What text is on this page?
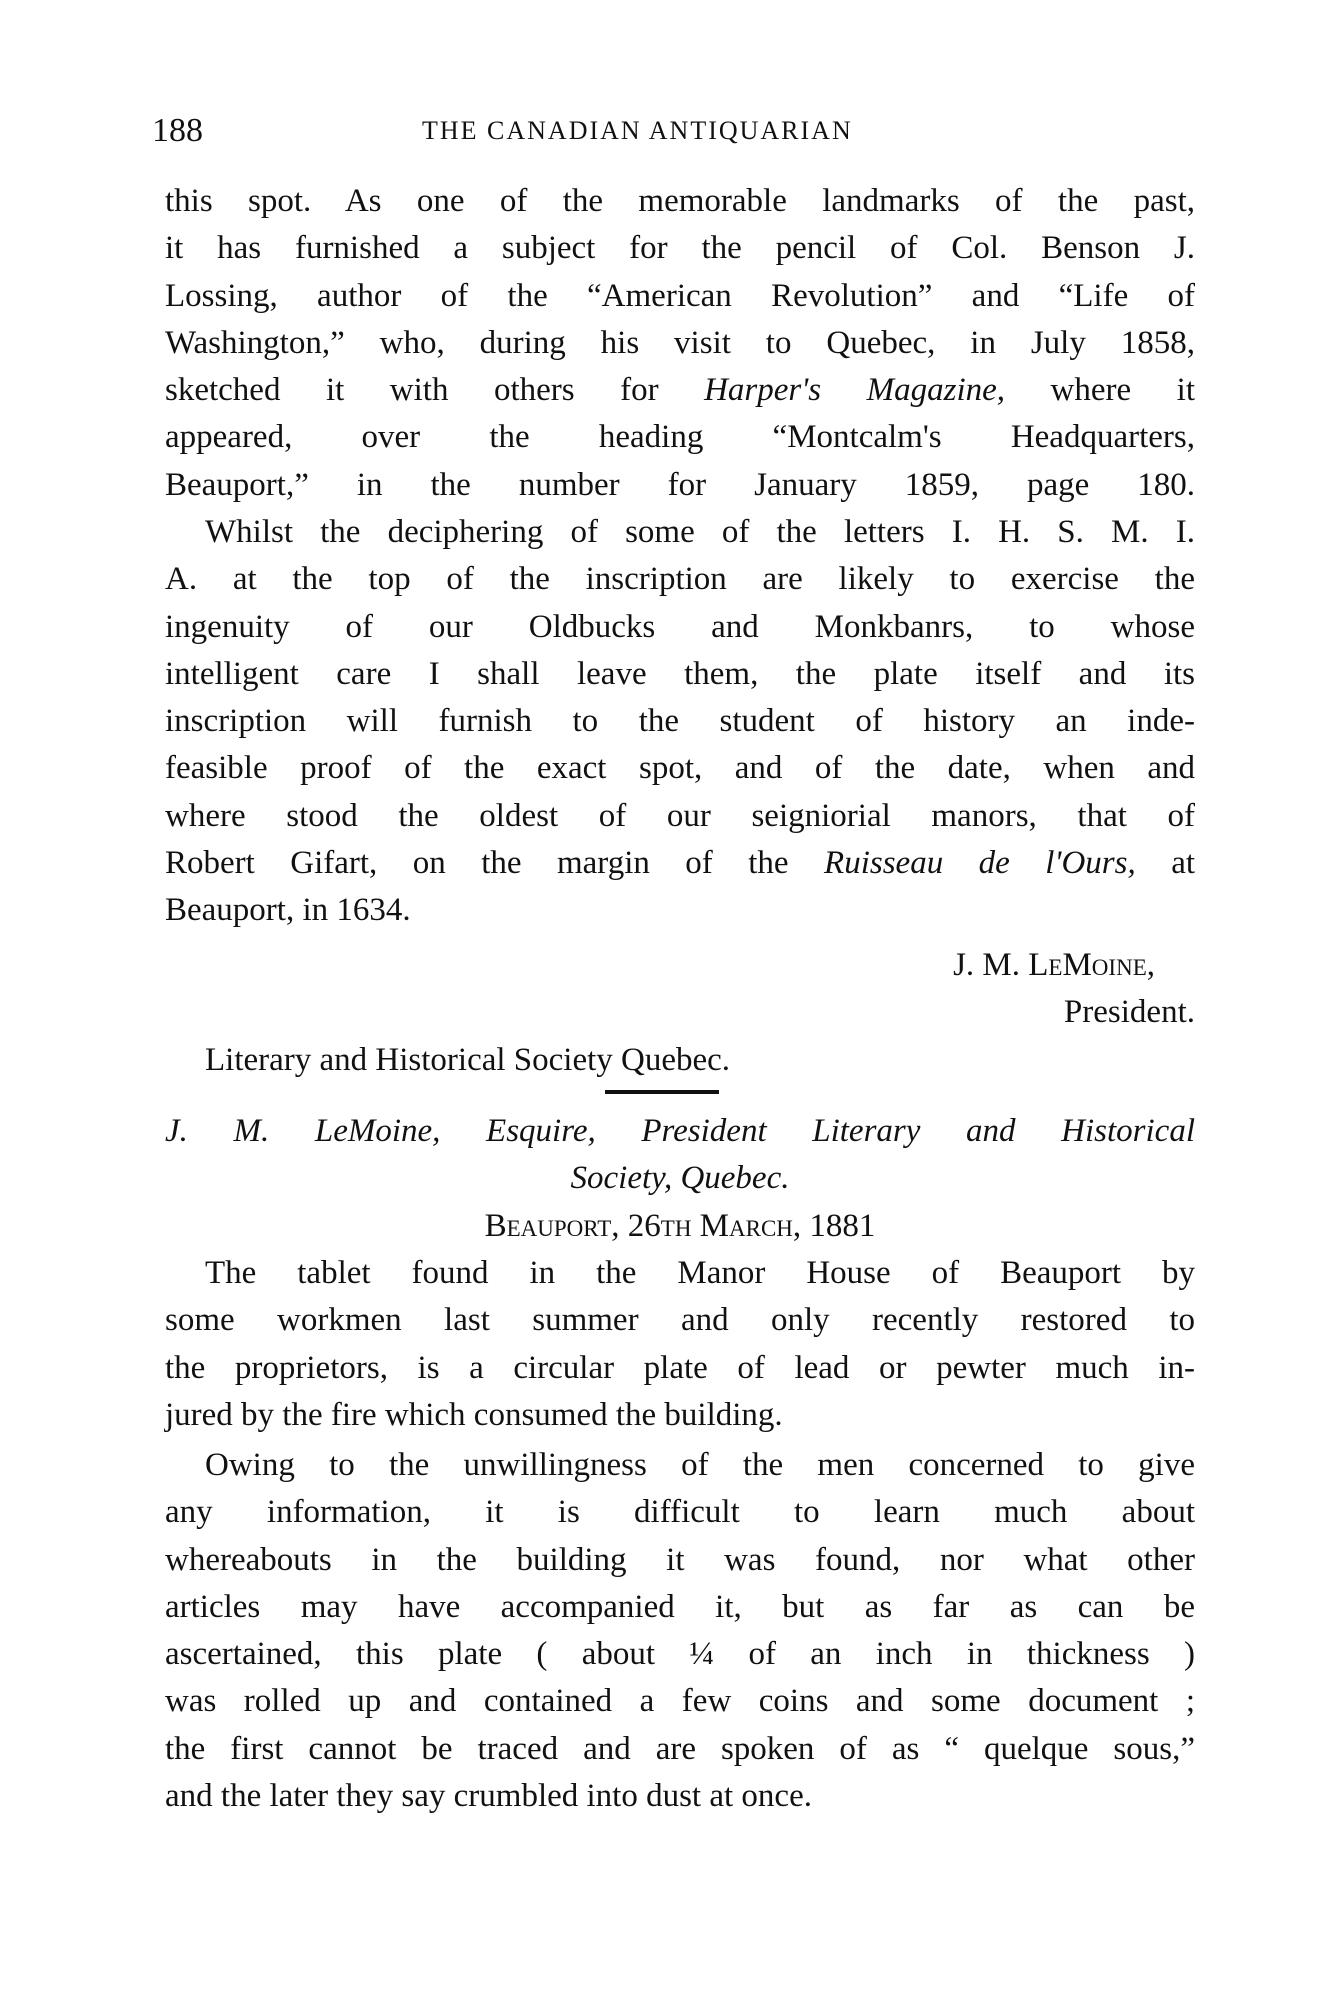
188	THE CANADIAN ANTIQUARIAN
this spot. As one of the memorable landmarks of the past,
it has furnished a subject for the pencil of Col. Benson J.
Lossing, author of the “American Revolution” and “Life of
Washington,” who, during his visit to Quebec, in July 1858,
sketched it with others for Harper's Magazine, where it
appeared, over the heading “Montcalm's Headquarters,
Beauport,” in the number for January 1859, page 180.
Whilst the deciphering of some of the letters I. H. S. M. I.
A. at the top of the inscription are likely to exercise the
ingenuity of our Oldbucks and Monkbanrs, to whose
intelligent care I shall leave them, the plate itself and its
inscription will furnish to the student of history an inde-
feasible proof of the exact spot, and of the date, when and
where stood the oldest of our seigniorial manors, that of
Robert Gifart, on the margin of the Ruisseau de l'Ours, at
Beauport, in 1634.
J. M. LeMoine,
President.
Literary and Historical Society Quebec.
J. M. LeMoine, Esquire, President Literary and Historical
Society, Quebec.
Beauport, 26th March, 1881
The tablet found in the Manor House of Beauport by
some workmen last summer and only recently restored to
the proprietors, is a circular plate of lead or pewter much in-
jured by the fire which consumed the building.
Owing to the unwillingness of the men concerned to give
any information, it is difficult to learn much about
whereabouts in the building it was found, nor what other
articles may have accompanied it, but as far as can be
ascertained, this plate ( about ¼ of an inch in thickness )
was rolled up and contained a few coins and some document ;
the first cannot be traced and are spoken of as “ quelque sous,”
and the later they say crumbled into dust at once.
